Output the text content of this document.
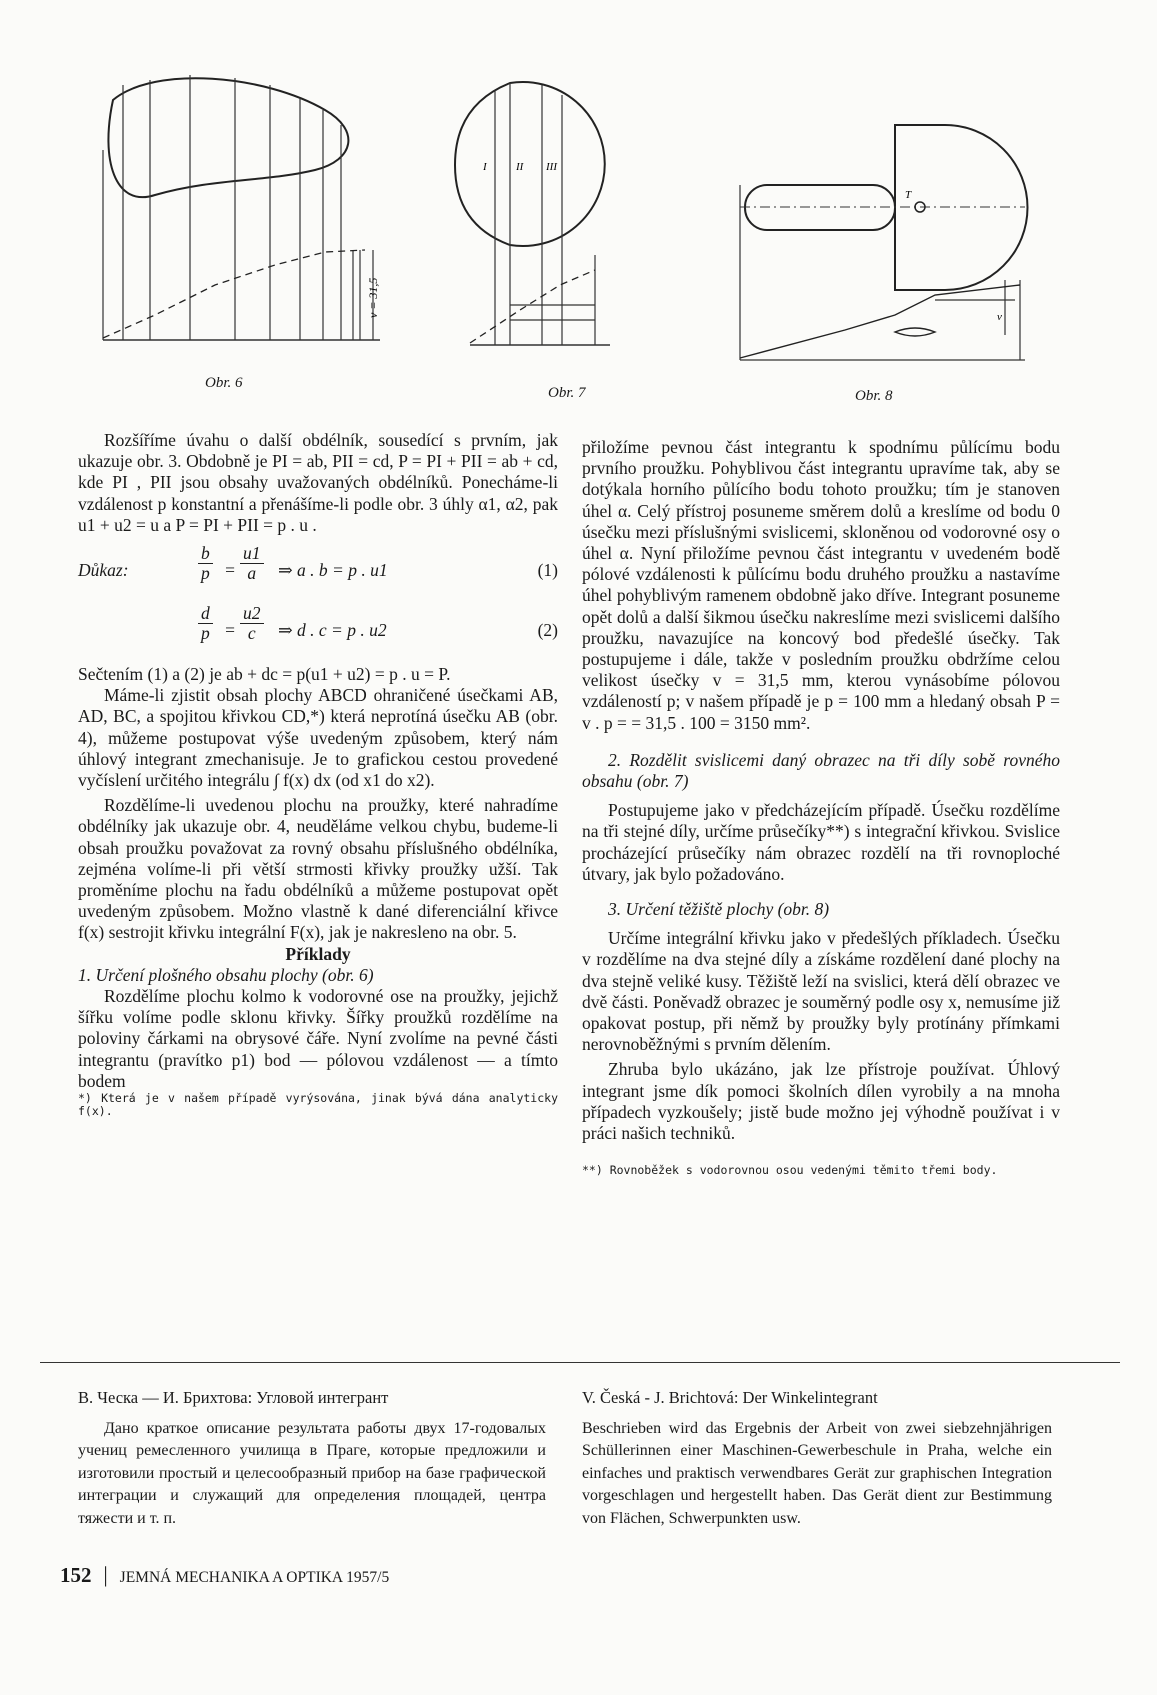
v = 31,5
Obr. 6
I	II III
Obr. 7
T
v
Obr. 8

Rozšíříme úvahu o další obdélník, sousedící s prvním, jak ukazuje obr. 3. Obdobně je PI = ab, PII = cd, P = PI + PII = ab + cd, kde PI , PII jsou obsahy uvažovaných obdélníků. Ponecháme-li vzdálenost p konstantní a přenášíme-li podle obr. 3 úhly α1, α2, pak u1 + u2 = u a P = PI + PII = p . u .

Důkaz:	$\frac{b}{p} = \frac{u1}{a}$ ⇒ a . b = p . u1	(1)
$\frac{d}{p} = \frac{u2}{c}$ ⇒ d . c = p . u2	(2)

Sečtením (1) a (2) je ab + dc = p(u1 + u2) = p . u = P.

Máme-li zjistit obsah plochy ABCD ohraničené úsečkami AB, AD, BC, a spojitou křivkou CD,*) která neprotíná úsečku AB (obr. 4), můžeme postupovat výše uvedeným způsobem, který nám úhlový integrant zmechanisuje. Je to grafickou cestou provedené vyčíslení určitého integrálu ∫ f(x) dx (od x1 do x2).

Rozdělíme-li uvedenou plochu na proužky, které nahradíme obdélníky jak ukazuje obr. 4, neuděláme velkou chybu, budeme-li obsah proužku považovat za rovný obsahu příslušného obdélníka, zejména volíme-li při větší strmosti křivky proužky užší. Tak proměníme plochu na řadu obdélníků a můžeme postupovat opět uvedeným způsobem. Možno vlastně k dané diferenciální křivce f(x) sestrojit křivku integrální F(x), jak je nakresleno na obr. 5.

Příklady

1. Určení plošného obsahu plochy (obr. 6)

Rozdělíme plochu kolmo k vodorovné ose na proužky, jejichž šířku volíme podle sklonu křivky. Šířky proužků rozdělíme na poloviny čárkami na obrysové čáře. Nyní zvolíme na pevné části integrantu (pravítko p1) bod — pólovou vzdálenost — a tímto bodem

*) Která je v našem případě vyrýsována, jinak bývá dána analyticky f(x).

přiložíme pevnou část integrantu k spodnímu půlícímu bodu prvního proužku. Pohyblivou část integrantu upravíme tak, aby se dotýkala horního půlícího bodu tohoto proužku; tím je stanoven úhel α. Celý přístroj posuneme směrem dolů a kreslíme od bodu 0 úsečku mezi příslušnými svislicemi, skloněnou od vodorovné osy o úhel α. Nyní přiložíme pevnou část integrantu v uvedeném bodě pólové vzdálenosti k půlícímu bodu druhého proužku a nastavíme úhel pohyblivým ramenem obdobně jako dříve. Integrant posuneme opět dolů a další šikmou úsečku nakreslíme mezi svislicemi dalšího proužku, navazujíce na koncový bod předešlé úsečky. Tak postupujeme i dále, takže v posledním proužku obdržíme celou velikost úsečky v = 31,5 mm, kterou vynásobíme pólovou vzdáleností p; v našem případě je p = 100 mm a hledaný obsah P = v . p = = 31,5 . 100 = 3150 mm².

2. Rozdělit svislicemi daný obrazec na tři díly sobě rovného obsahu (obr. 7)

Postupujeme jako v předcházejícím případě. Úsečku rozdělíme na tři stejné díly, určíme průsečíky**) s integrační křivkou. Svislice procházející průsečíky nám obrazec rozdělí na tři rovnoploché útvary, jak bylo požadováno.

3. Určení těžiště plochy (obr. 8)

Určíme integrální křivku jako v předešlých příkladech. Úsečku v rozdělíme na dva stejné díly a získáme rozdělení dané plochy na dva stejně veliké kusy. Těžiště leží na svislici, která dělí obrazec ve dvě části. Poněvadž obrazec je souměrný podle osy x, nemusíme již opakovat postup, při němž by proužky byly protínány přímkami nerovnoběžnými s prvním dělením.

Zhruba bylo ukázáno, jak lze přístroje používat. Úhlový integrant jsme dík pomoci školních dílen vyrobily a na mnoha případech vyzkoušely; jistě bude možno jej výhodně používat i v práci našich techniků.

**) Rovnoběžek s vodorovnou osou vedenými těmito třemi body.

В. Ческа — И. Брихтова: Угловой интегрант
Дано краткое описание результата работы двух 17-годовалых учениц ремесленного училища в Праге, которые предложили и изготовили простый и целесообразный прибор на базе графической интеграции и служащий для определения площадей, центра тяжести и т. п.
V. Česká - J. Brichtová: Der Winkelintegrant
Beschrieben wird das Ergebnis der Arbeit von zwei siebzehnjährigen Schüllerinnen einer Maschinen-Gewerbeschule in Praha, welche ein einfaches und praktisch verwendbares Gerät zur graphischen Integration vorgeschlagen und hergestellt haben. Das Gerät dient zur Bestimmung von Flächen, Schwerpunkten usw.
152 | JEMNÁ MECHANIKA A OPTIKA 1957/5
